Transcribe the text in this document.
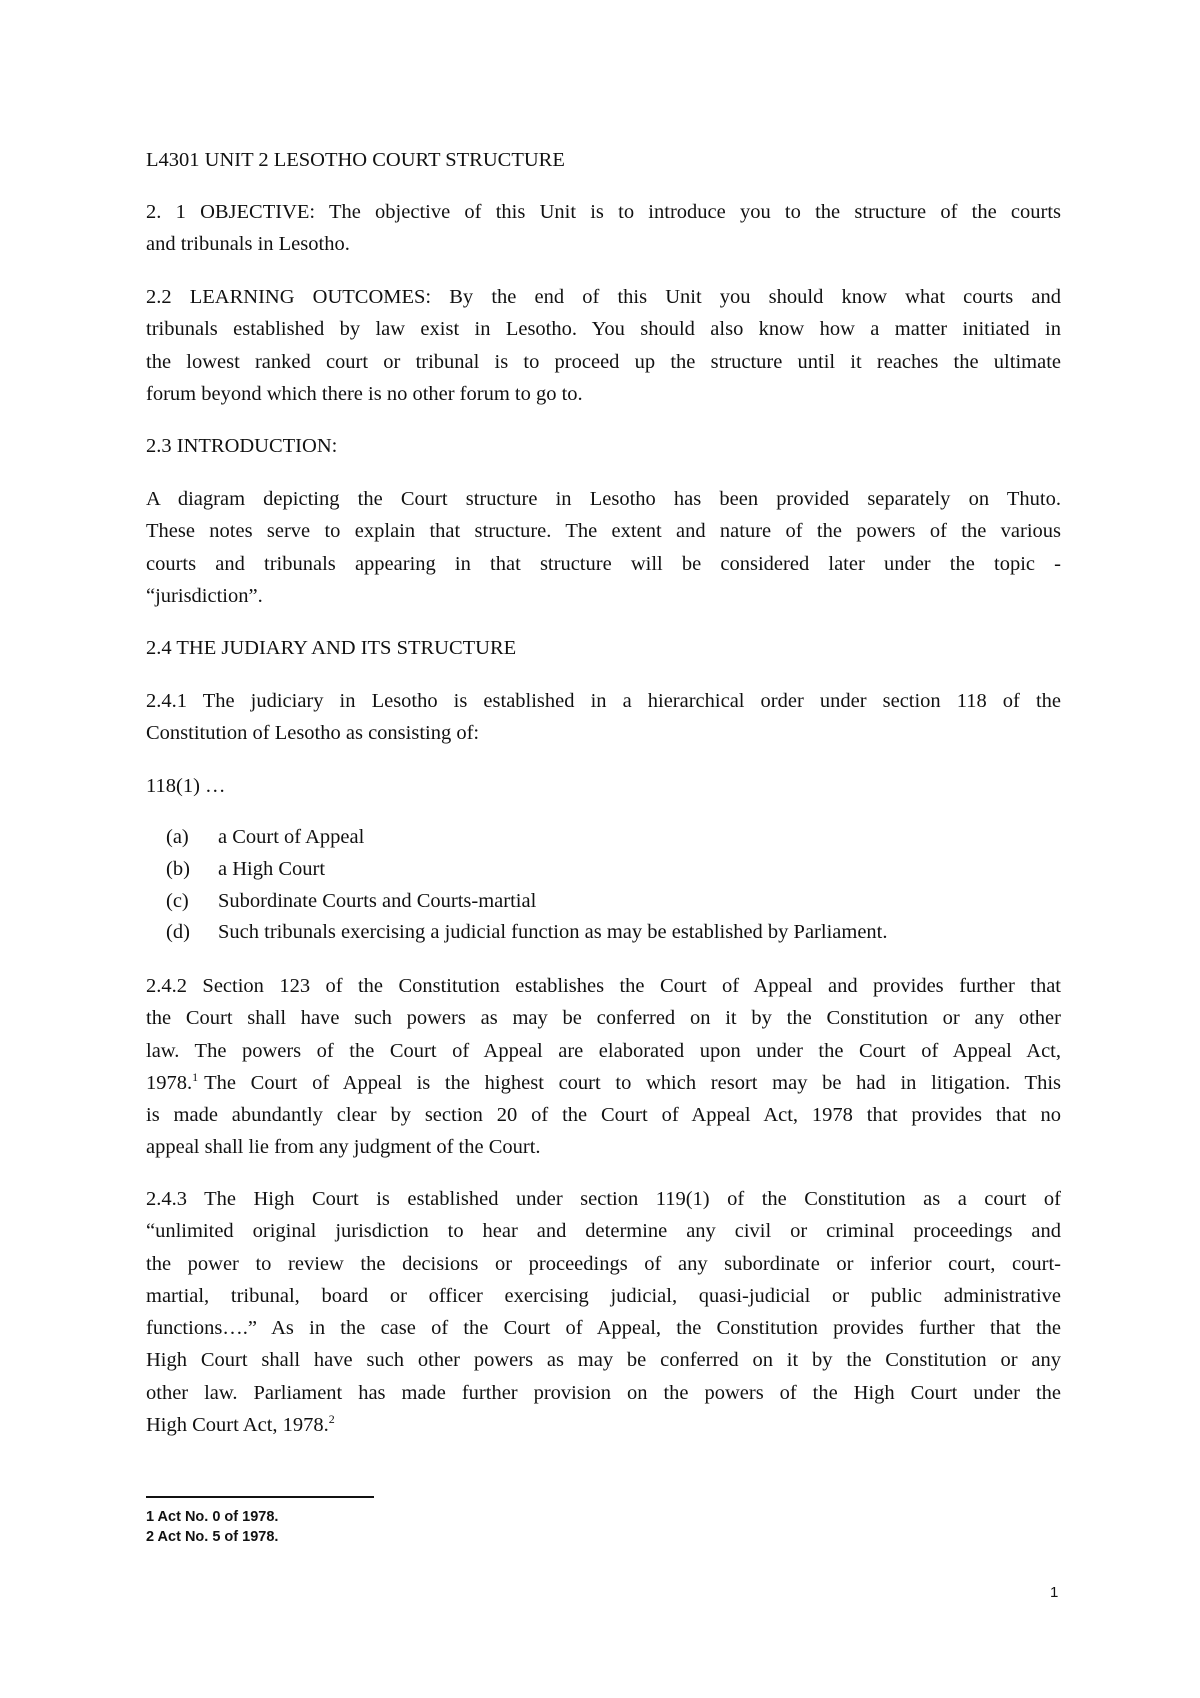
L4301 UNIT 2 LESOTHO COURT STRUCTURE
2. 1 OBJECTIVE: The objective of this Unit is to introduce you to the structure of the courts
and tribunals in Lesotho.
2.2 LEARNING OUTCOMES: By the end of this Unit you should know what courts and
tribunals established by law exist in Lesotho. You should also know how a matter initiated in
the lowest ranked court or tribunal is to proceed up the structure until it reaches the ultimate
forum beyond which there is no other forum to go to.
2.3 INTRODUCTION:
A diagram depicting the Court structure in Lesotho has been provided separately on Thuto.
These notes serve to explain that structure. The extent and nature of the powers of the various
courts and tribunals appearing in that structure will be considered later under the topic -
“jurisdiction”.
2.4 THE JUDIARY AND ITS STRUCTURE
2.4.1 The judiciary in Lesotho is established in a hierarchical order under section 118 of the
Constitution of Lesotho as consisting of:
118(1) …
(a) a Court of Appeal
(b) a High Court
(c) Subordinate Courts and Courts-martial
(d) Such tribunals exercising a judicial function as may be established by Parliament.
2.4.2 Section 123 of the Constitution establishes the Court of Appeal and provides further that
the Court shall have such powers as may be conferred on it by the Constitution or any other
law. The powers of the Court of Appeal are elaborated upon under the Court of Appeal Act,
1978.$^1$ The Court of Appeal is the highest court to which resort may be had in litigation. This
is made abundantly clear by section 20 of the Court of Appeal Act, 1978 that provides that no
appeal shall lie from any judgment of the Court.
2.4.3 The High Court is established under section 119(1) of the Constitution as a court of
“unlimited original jurisdiction to hear and determine any civil or criminal proceedings and
the power to review the decisions or proceedings of any subordinate or inferior court, court-
martial, tribunal, board or officer exercising judicial, quasi-judicial or public administrative
functions….” As in the case of the Court of Appeal, the Constitution provides further that the
High Court shall have such other powers as may be conferred on it by the Constitution or any
other law. Parliament has made further provision on the powers of the High Court under the
High Court Act, 1978.$^2$
1 Act No. 0 of 1978.
2 Act No. 5 of 1978.
1
